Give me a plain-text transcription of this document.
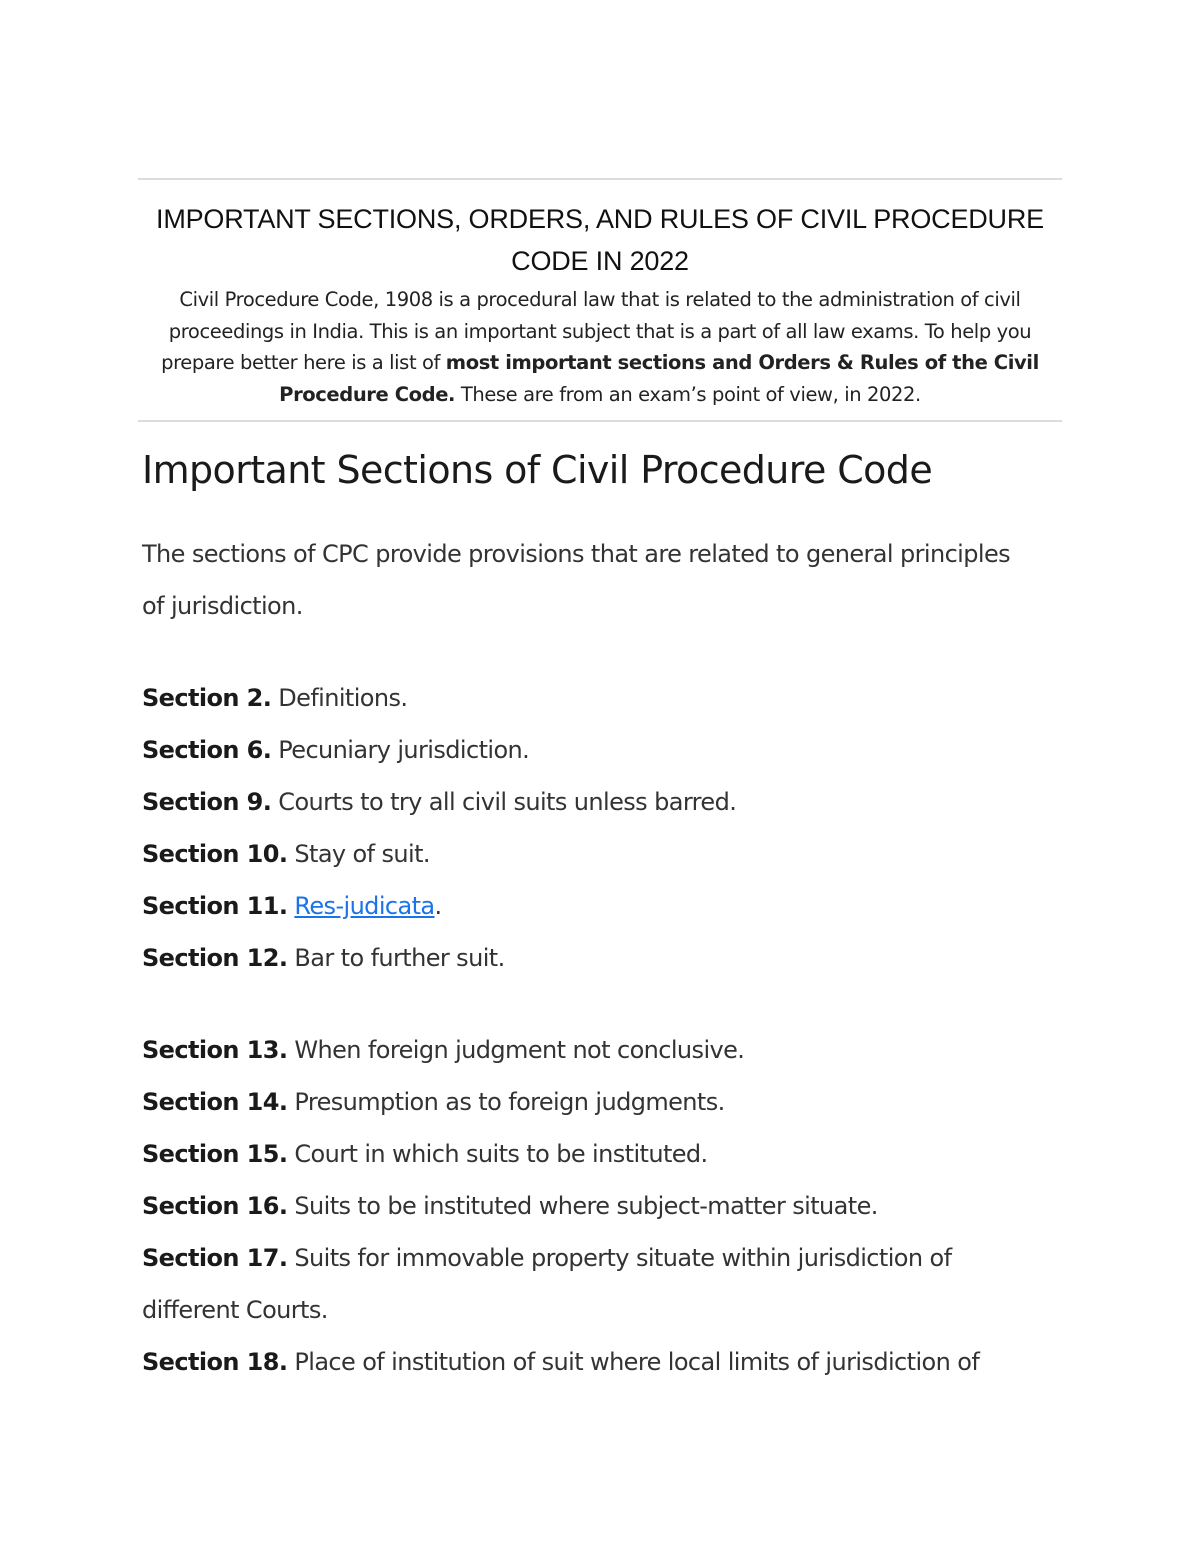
IMPORTANT SECTIONS, ORDERS, AND RULES OF CIVIL PROCEDURE
CODE IN 2022

Civil Procedure Code, 1908 is a procedural law that is related to the administration of civil proceedings in India. This is an important subject that is a part of all law exams. To help you prepare better here is a list of most important sections and Orders & Rules of the Civil Procedure Code. These are from an exam’s point of view, in 2022.

Important Sections of Civil Procedure Code

The sections of CPC provide provisions that are related to general principles of jurisdiction.

Section 2. Definitions.
Section 6. Pecuniary jurisdiction.
Section 9. Courts to try all civil suits unless barred.
Section 10. Stay of suit.
Section 11. Res-judicata.
Section 12. Bar to further suit.
Section 13. When foreign judgment not conclusive.
Section 14. Presumption as to foreign judgments.
Section 15. Court in which suits to be instituted.
Section 16. Suits to be instituted where subject-matter situate.
Section 17. Suits for immovable property situate within jurisdiction of different Courts.
Section 18. Place of institution of suit where local limits of jurisdiction of
